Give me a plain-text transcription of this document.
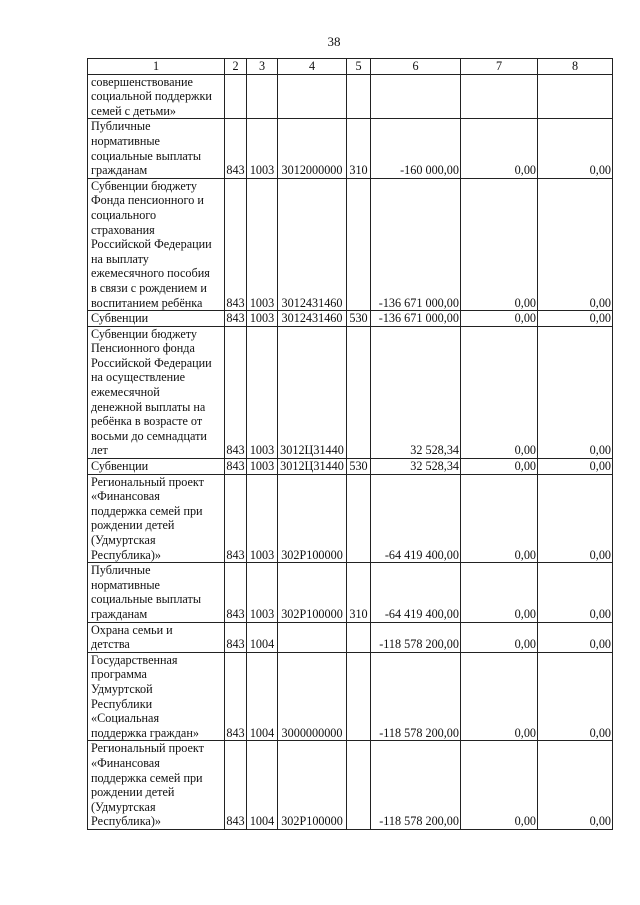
38
1	2	3	4	5	6	7	8

совершенствование
социальной поддержки
семей с детьми»							

Публичные
нормативные
социальные выплаты
гражданам	843	1003	3012000000	310	-160 000,00	0,00	0,00

Субвенции бюджету
Фонда пенсионного и
социального
страхования
Российской Федерации
на выплату
ежемесячного пособия
в связи с рождением и
воспитанием ребёнка	843	1003	3012431460		-136 671 000,00	0,00	0,00

Субвенции	843	1003	3012431460	530	-136 671 000,00	0,00	0,00

Субвенции бюджету
Пенсионного фонда
Российской Федерации
на осуществление
ежемесячной
денежной выплаты на
ребёнка в возрасте от
восьми до семнадцати
лет	843	1003	3012Ц31440		32 528,34	0,00	0,00

Субвенции	843	1003	3012Ц31440	530	32 528,34	0,00	0,00

Региональный проект
«Финансовая
поддержка семей при
рождении детей
(Удмуртская
Республика)»	843	1003	302P100000		-64 419 400,00	0,00	0,00

Публичные
нормативные
социальные выплаты
гражданам	843	1003	302P100000	310	-64 419 400,00	0,00	0,00

Охрана семьи и
детства	843	1004			-118 578 200,00	0,00	0,00

Государственная
программа
Удмуртской
Республики
«Социальная
поддержка граждан»	843	1004	3000000000		-118 578 200,00	0,00	0,00

Региональный проект
«Финансовая
поддержка семей при
рождении детей
(Удмуртская
Республика)»	843	1004	302P100000		-118 578 200,00	0,00	0,00
